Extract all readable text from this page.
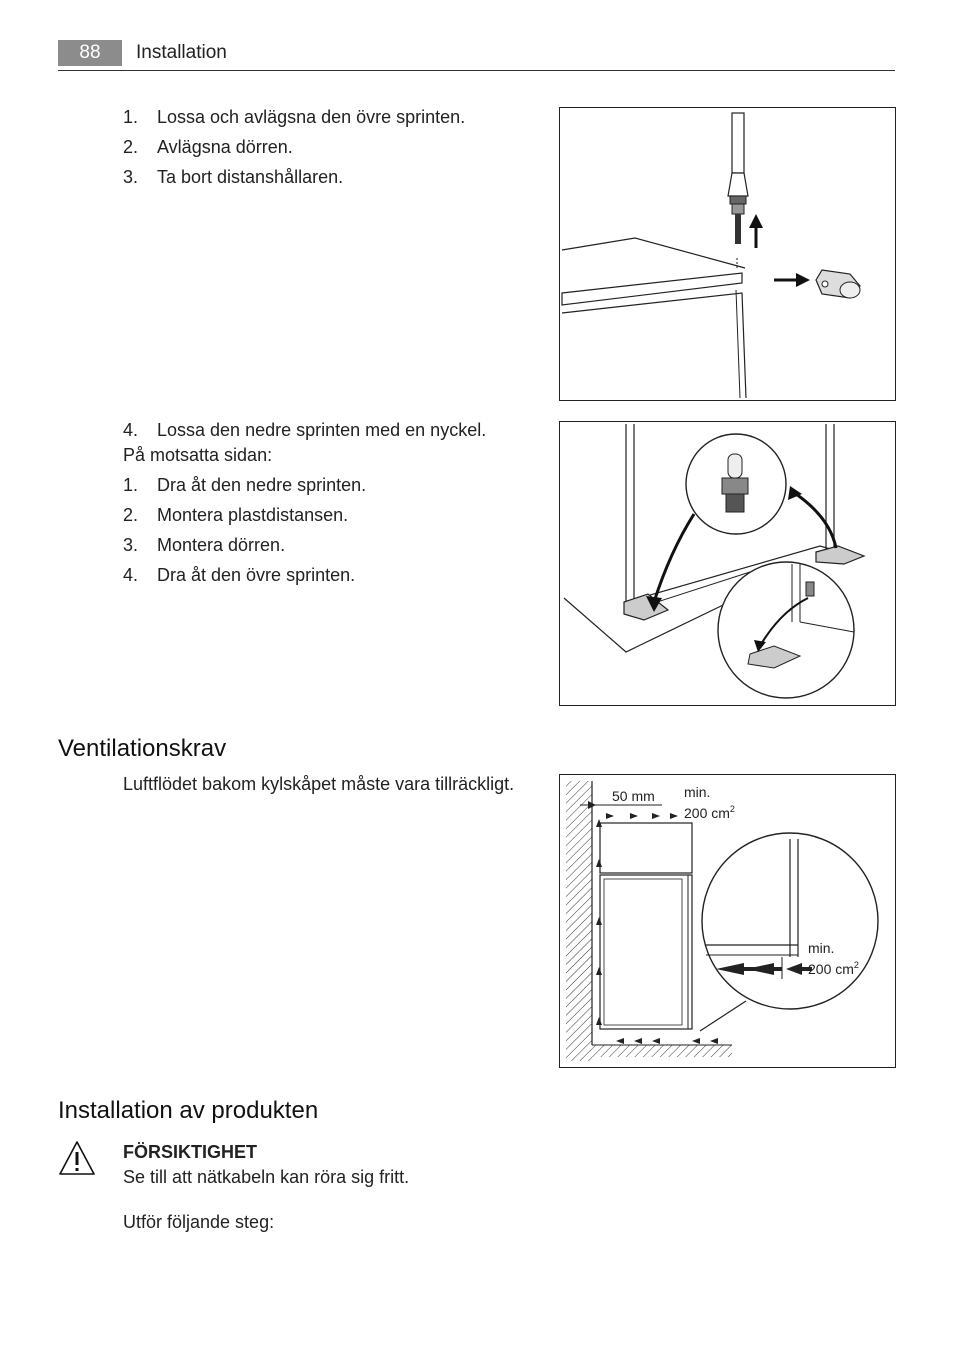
88	Installation
1. Lossa och avlägsna den övre sprinten.
2. Avlägsna dörren.
3. Ta bort distanshållaren.
4. Lossa den nedre sprinten med en nyckel.
På motsatta sidan:
1. Dra åt den nedre sprinten.
2. Montera plastdistansen.
3. Montera dörren.
4. Dra åt den övre sprinten.
Ventilationskrav
Luftflödet bakom kylskåpet måste vara tillräckligt.
50 mm min.
200 $cm^2$
min.
200 $cm^2$
Installation av produkten
FÖRSIKTIGHET
Se till att nätkabeln kan röra sig fritt.
Utför följande steg:
